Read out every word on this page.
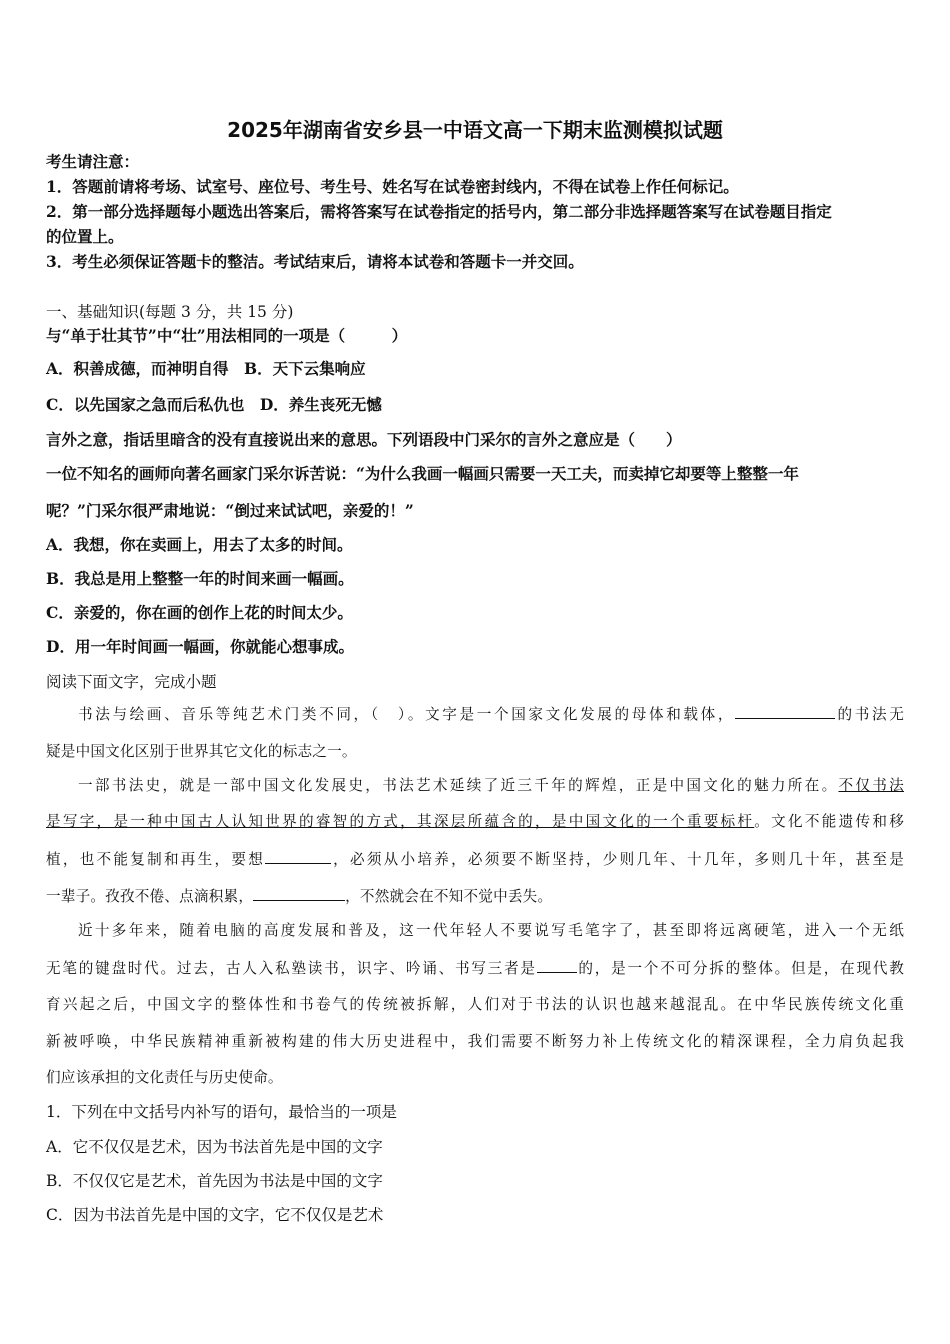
2025年湖南省安乡县一中语文高一下期末监测模拟试题
考生请注意：
1．答题前请将考场、试室号、座位号、考生号、姓名写在试卷密封线内，不得在试卷上作任何标记。
2．第一部分选择题每小题选出答案后，需将答案写在试卷指定的括号内，第二部分非选择题答案写在试卷题目指定
的位置上。
3．考生必须保证答题卡的整洁。考试结束后，请将本试卷和答题卡一并交回。
一、基础知识(每题 3 分，共 15 分)
与“单于壮其节”中“壮”用法相同的一项是（　　　）
A．积善成德，而神明自得　B．天下云集响应
C．以先国家之急而后私仇也　D．养生丧死无憾
言外之意，指话里暗含的没有直接说出来的意思。下列语段中门采尔的言外之意应是（　　）
一位不知名的画师向著名画家门采尔诉苦说：“为什么我画一幅画只需要一天工夫，而卖掉它却要等上整整一年
呢？”门采尔很严肃地说：“倒过来试试吧，亲爱的！”
A．我想，你在卖画上，用去了太多的时间。
B．我总是用上整整一年的时间来画一幅画。
C．亲爱的，你在画的创作上花的时间太少。
D．用一年时间画一幅画，你就能心想事成。
阅读下面文字，完成小题
书法与绘画、音乐等纯艺术门类不同，（　）。文字是一个国家文化发展的母体和载体，	的书法无
疑是中国文化区别于世界其它文化的标志之一。
一部书法史，就是一部中国文化发展史，书法艺术延续了近三千年的辉煌，正是中国文化的魅力所在。不仅书法
是写字，是一种中国古人认知世界的睿智的方式，其深层所蕴含的，是中国文化的一个重要标杆。文化不能遗传和移
植，也不能复制和再生，要想	，必须从小培养，必须要不断坚持，少则几年、十几年，多则几十年，甚至是
一辈子。孜孜不倦、点滴积累，	，不然就会在不知不觉中丢失。
近十多年来，随着电脑的高度发展和普及，这一代年轻人不要说写毛笔字了，甚至即将远离硬笔，进入一个无纸
无笔的键盘时代。过去，古人入私塾读书，识字、吟诵、书写三者是	的，是一个不可分拆的整体。但是，在现代教
育兴起之后，中国文字的整体性和书卷气的传统被拆解，人们对于书法的认识也越来越混乱。在中华民族传统文化重
新被呼唤，中华民族精神重新被构建的伟大历史进程中，我们需要不断努力补上传统文化的精深课程，全力肩负起我
们应该承担的文化责任与历史使命。
1．下列在中文括号内补写的语句，最恰当的一项是
A．它不仅仅是艺术，因为书法首先是中国的文字
B．不仅仅它是艺术，首先因为书法是中国的文字
C．因为书法首先是中国的文字，它不仅仅是艺术
